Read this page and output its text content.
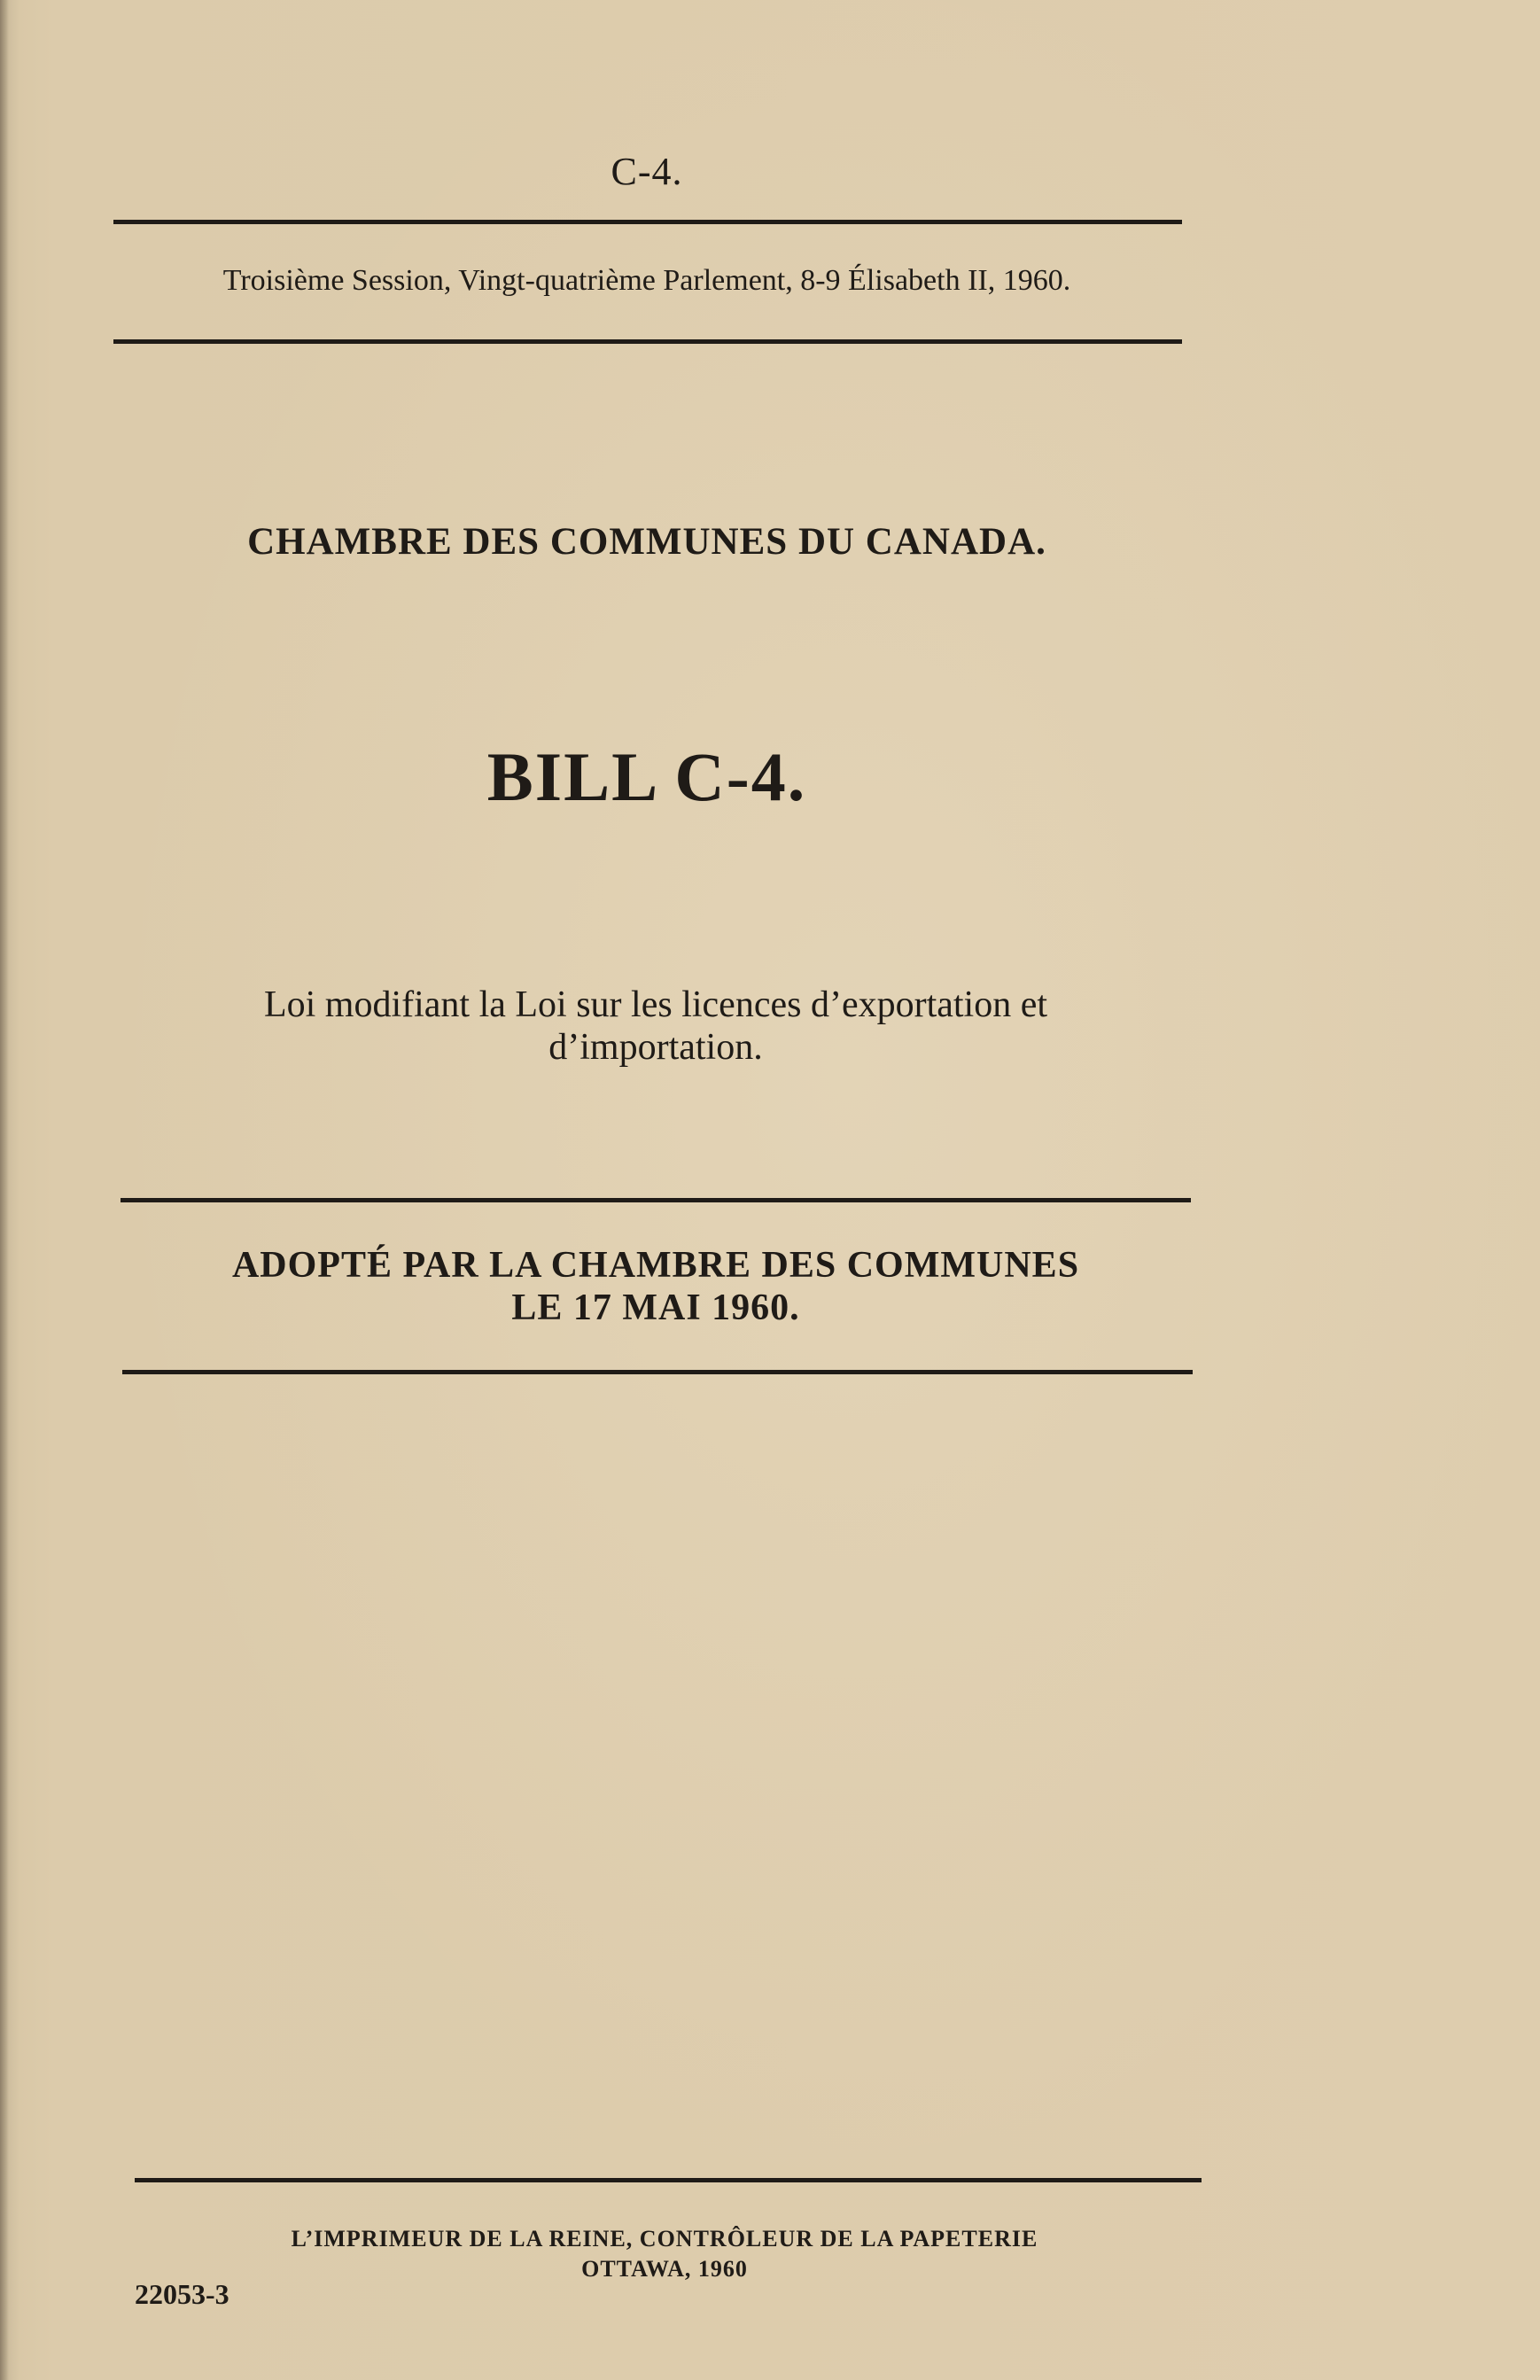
C-4.
Troisième Session, Vingt-quatrième Parlement, 8-9 Élisabeth II, 1960.
CHAMBRE DES COMMUNES DU CANADA.
BILL C-4.
Loi modifiant la Loi sur les licences d’exportation et
d’importation.
ADOPTÉ PAR LA CHAMBRE DES COMMUNES
LE 17 MAI 1960.
L’IMPRIMEUR DE LA REINE, CONTRÔLEUR DE LA PAPETERIE
OTTAWA, 1960
22053-3
